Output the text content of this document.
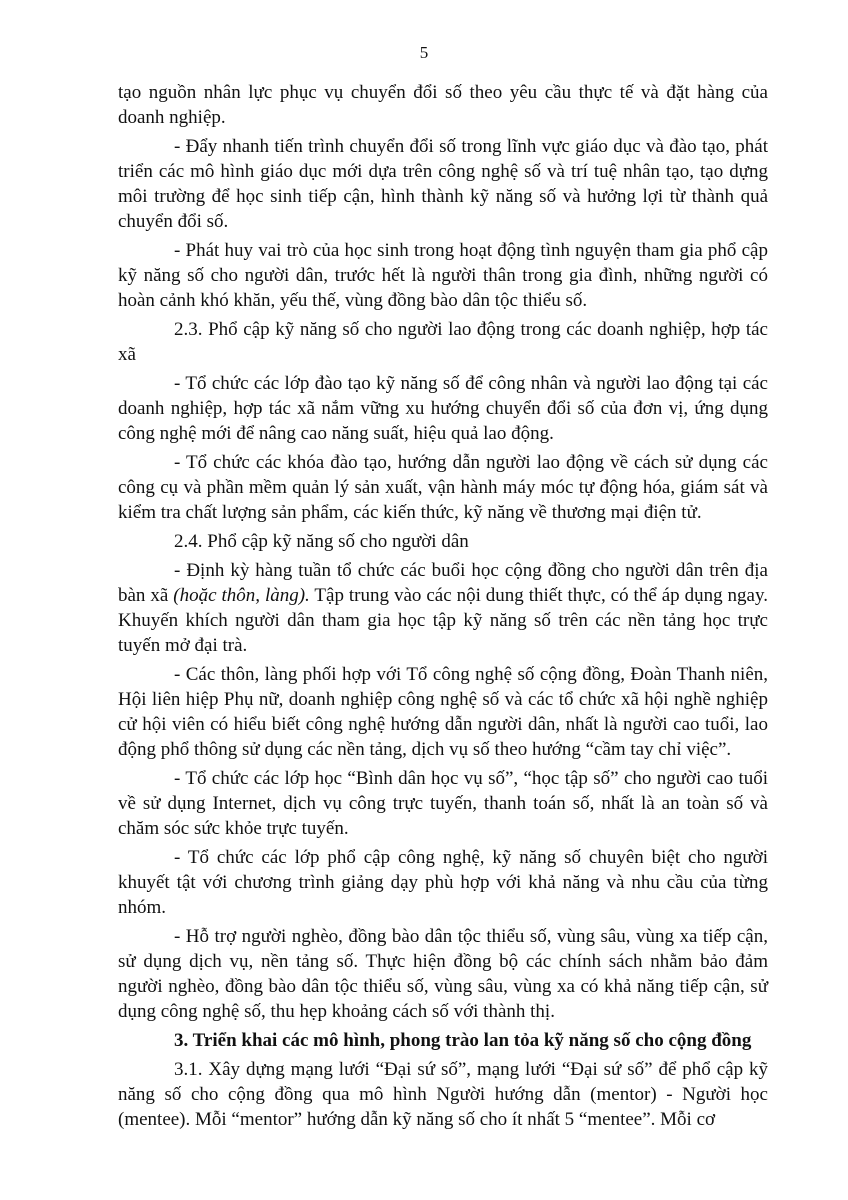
5

tạo nguồn nhân lực phục vụ chuyển đổi số theo yêu cầu thực tế và đặt hàng của doanh nghiệp.

- Đẩy nhanh tiến trình chuyển đổi số trong lĩnh vực giáo dục và đào tạo, phát triển các mô hình giáo dục mới dựa trên công nghệ số và trí tuệ nhân tạo, tạo dựng môi trường để học sinh tiếp cận, hình thành kỹ năng số và hưởng lợi từ thành quả chuyển đổi số.

- Phát huy vai trò của học sinh trong hoạt động tình nguyện tham gia phổ cập kỹ năng số cho người dân, trước hết là người thân trong gia đình, những người có hoàn cảnh khó khăn, yếu thế, vùng đồng bào dân tộc thiểu số.

2.3. Phổ cập kỹ năng số cho người lao động trong các doanh nghiệp, hợp tác xã

- Tổ chức các lớp đào tạo kỹ năng số để công nhân và người lao động tại các doanh nghiệp, hợp tác xã nắm vững xu hướng chuyển đổi số của đơn vị, ứng dụng công nghệ mới để nâng cao năng suất, hiệu quả lao động.

- Tổ chức các khóa đào tạo, hướng dẫn người lao động về cách sử dụng các công cụ và phần mềm quản lý sản xuất, vận hành máy móc tự động hóa, giám sát và kiểm tra chất lượng sản phẩm, các kiến thức, kỹ năng về thương mại điện tử.

2.4. Phổ cập kỹ năng số cho người dân

- Định kỳ hàng tuần tổ chức các buổi học cộng đồng cho người dân trên địa bàn xã (hoặc thôn, làng). Tập trung vào các nội dung thiết thực, có thể áp dụng ngay. Khuyến khích người dân tham gia học tập kỹ năng số trên các nền tảng học trực tuyến mở đại trà.

- Các thôn, làng phối hợp với Tổ công nghệ số cộng đồng, Đoàn Thanh niên, Hội liên hiệp Phụ nữ, doanh nghiệp công nghệ số và các tổ chức xã hội nghề nghiệp cử hội viên có hiểu biết công nghệ hướng dẫn người dân, nhất là người cao tuổi, lao động phổ thông sử dụng các nền tảng, dịch vụ số theo hướng “cầm tay chỉ việc”.

- Tổ chức các lớp học “Bình dân học vụ số”, “học tập số” cho người cao tuổi về sử dụng Internet, dịch vụ công trực tuyến, thanh toán số, nhất là an toàn số và chăm sóc sức khỏe trực tuyến.

- Tổ chức các lớp phổ cập công nghệ, kỹ năng số chuyên biệt cho người khuyết tật với chương trình giảng dạy phù hợp với khả năng và nhu cầu của từng nhóm.

- Hỗ trợ người nghèo, đồng bào dân tộc thiểu số, vùng sâu, vùng xa tiếp cận, sử dụng dịch vụ, nền tảng số. Thực hiện đồng bộ các chính sách nhằm bảo đảm người nghèo, đồng bào dân tộc thiểu số, vùng sâu, vùng xa có khả năng tiếp cận, sử dụng công nghệ số, thu hẹp khoảng cách số với thành thị.

3. Triển khai các mô hình, phong trào lan tỏa kỹ năng số cho cộng đồng

3.1. Xây dựng mạng lưới “Đại sứ số”, mạng lưới “Đại sứ số” để phổ cập kỹ năng số cho cộng đồng qua mô hình Người hướng dẫn (mentor) - Người học (mentee). Mỗi “mentor” hướng dẫn kỹ năng số cho ít nhất 5 “mentee”. Mỗi cơ
